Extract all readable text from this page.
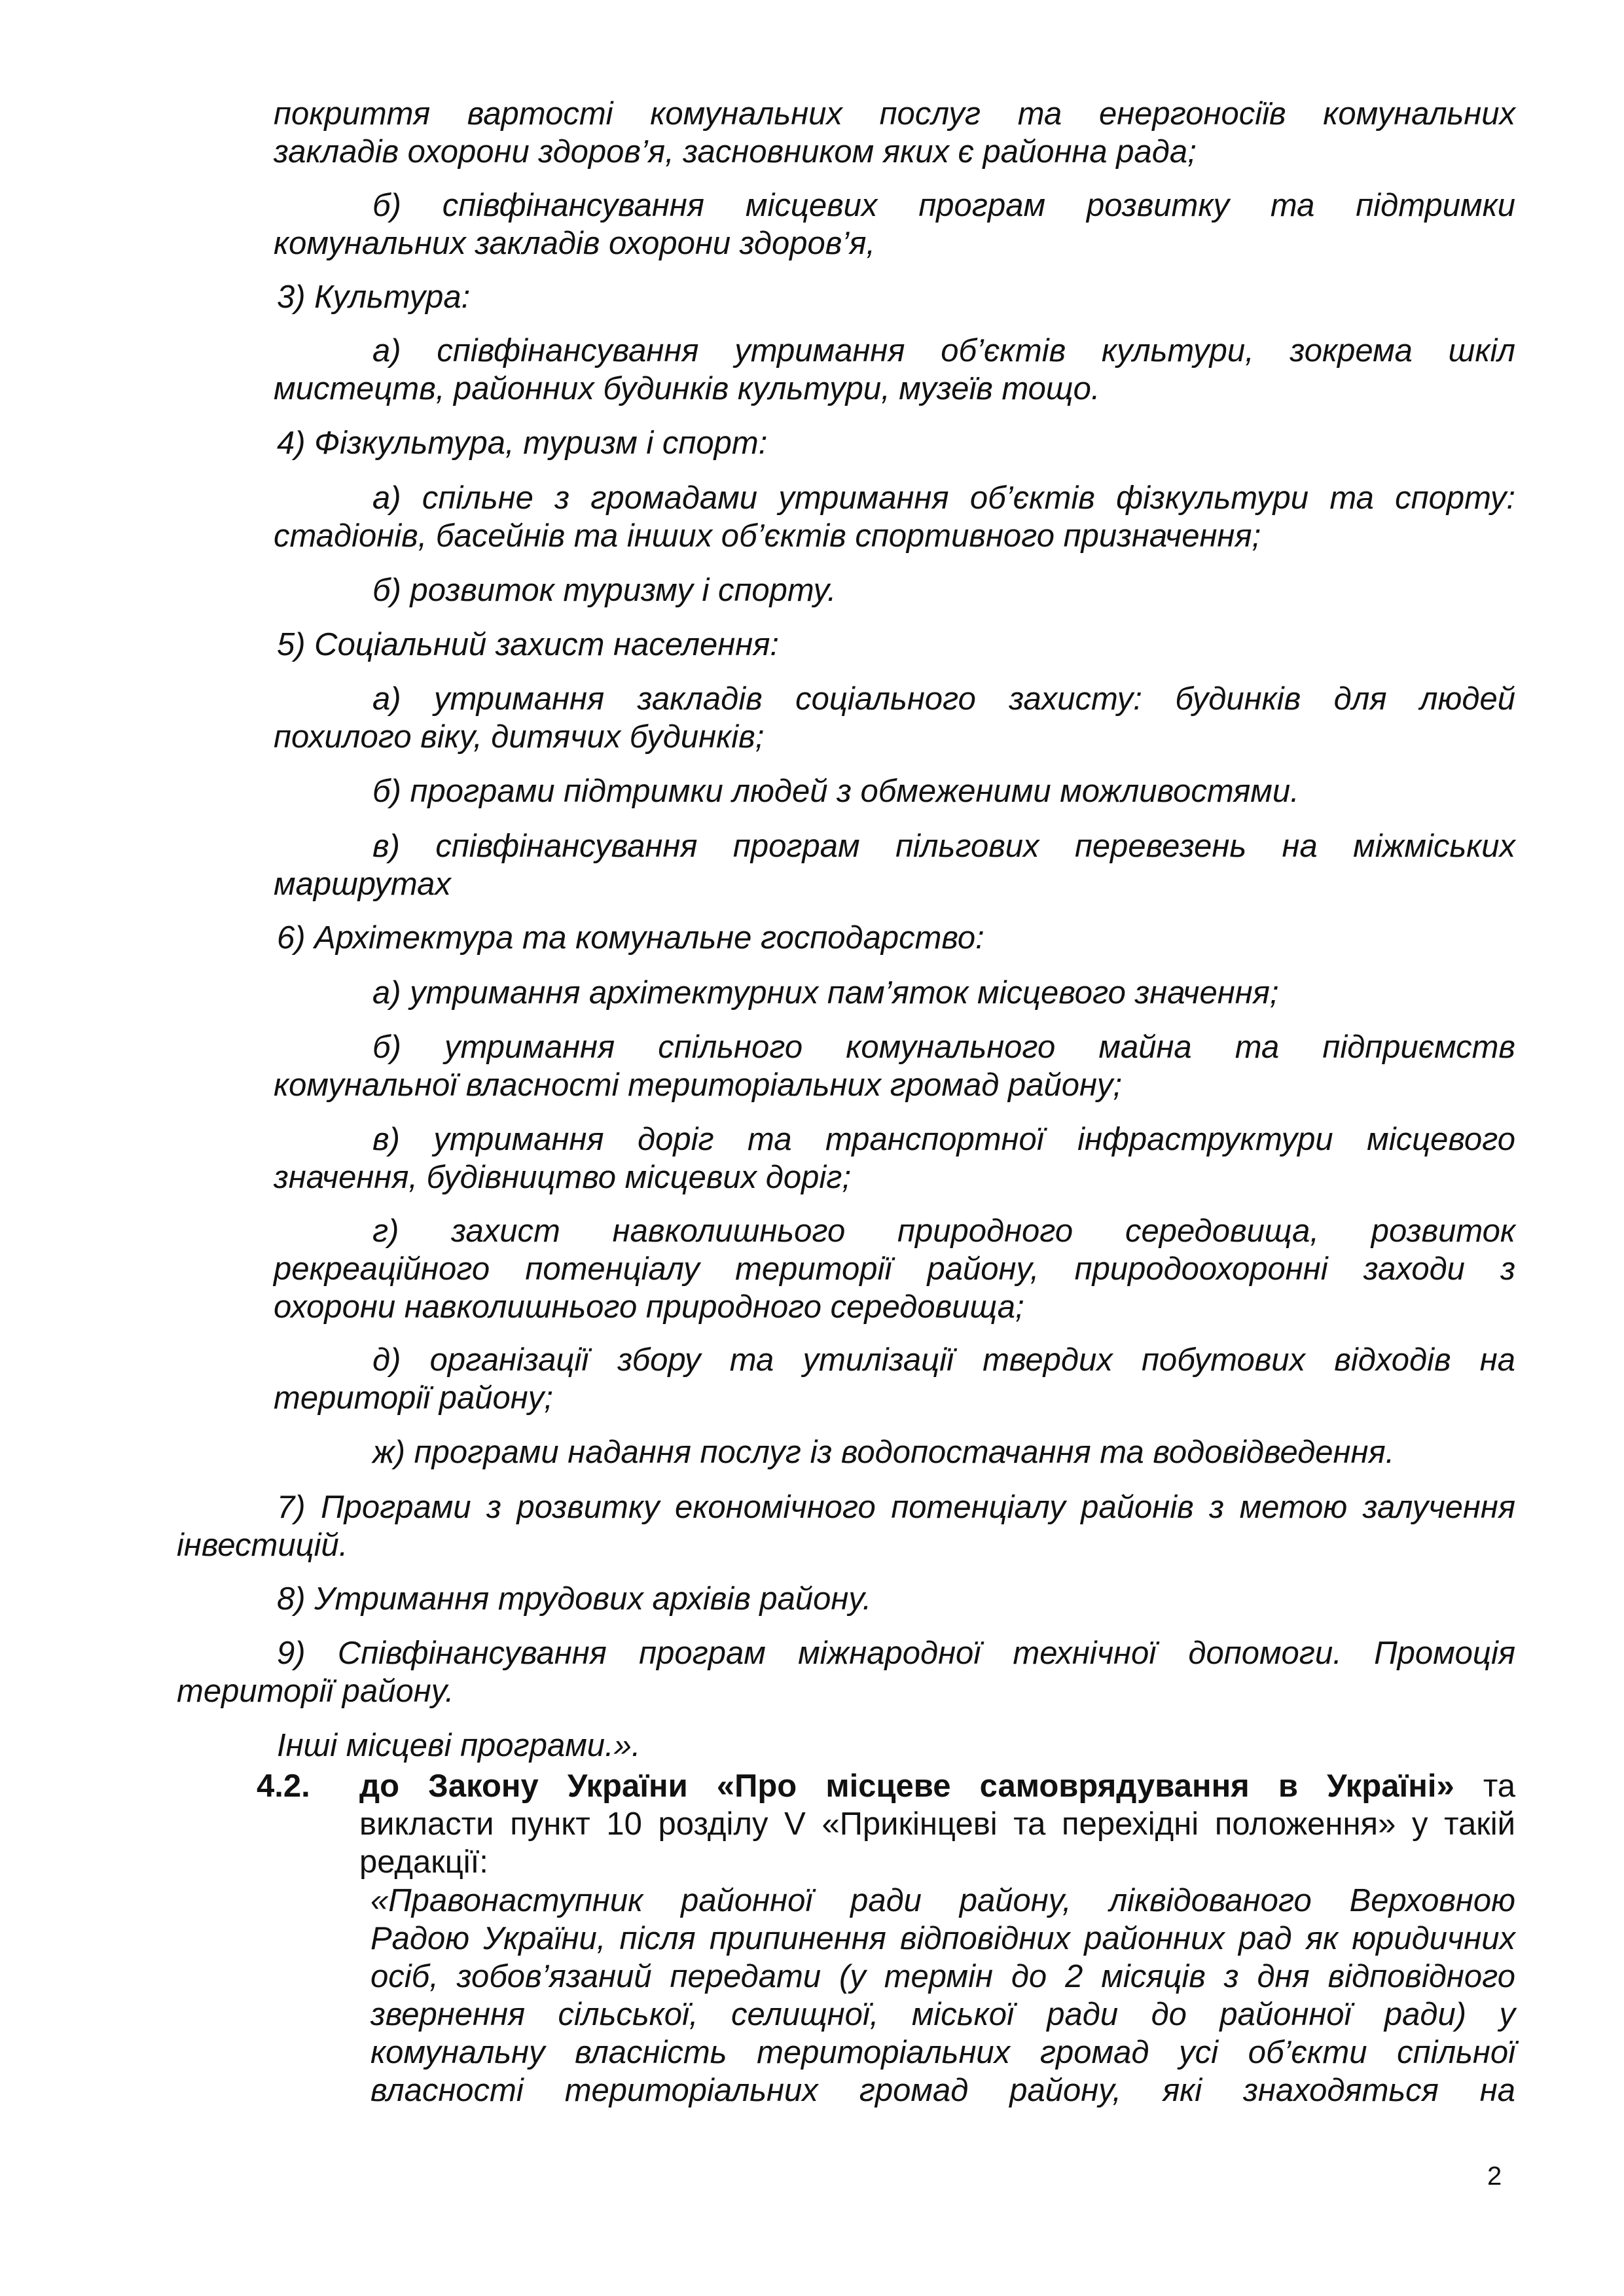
покриття вартості комунальних послуг та енергоносіїв комунальних
закладів охорони здоров’я, засновником яких є районна рада;
б) співфінансування місцевих програм розвитку та підтримки
комунальних закладів охорони здоров’я,
3) Культура:
а) співфінансування утримання об’єктів культури, зокрема шкіл
мистецтв, районних будинків культури, музеїв тощо.
4) Фізкультура, туризм і спорт:
а) спільне з громадами утримання об’єктів фізкультури та спорту:
стадіонів, басейнів та інших об’єктів спортивного призначення;
б) розвиток туризму і спорту.
5) Соціальний захист населення:
а) утримання закладів соціального захисту: будинків для людей
похилого віку, дитячих будинків;
б) програми підтримки людей з обмеженими можливостями.
в) співфінансування програм пільгових перевезень на міжміських
маршрутах
6) Архітектура та комунальне господарство:
а) утримання архітектурних пам’яток місцевого значення;
б) утримання спільного комунального майна та підприємств
комунальної власності територіальних громад району;
в) утримання доріг та транспортної інфраструктури місцевого
значення, будівництво місцевих доріг;
г) захист навколишнього природного середовища, розвиток
рекреаційного потенціалу території району, природоохоронні заходи з
охорони навколишнього природного середовища;
д) організації збору та утилізації твердих побутових відходів на
території району;
ж) програми надання послуг із водопостачання та водовідведення.
7) Програми з розвитку економічного потенціалу районів з метою залучення
інвестицій.
8) Утримання трудових архівів району.
9) Співфінансування програм міжнародної технічної допомоги. Промоція
території району.
Інші місцеві програми.».
4.2. до Закону України «Про місцеве самоврядування в Україні» та
викласти пункт 10 розділу V «Прикінцеві та перехідні положення» у такій
редакції:
«Правонаступник районної ради району, ліквідованого Верховною
Радою України, після припинення відповідних районних рад як юридичних
осіб, зобов’язаний передати (у термін до 2 місяців з дня відповідного
звернення сільської, селищної, міської ради до районної ради) у
комунальну власність територіальних громад усі об’єкти спільної
власності територіальних громад району, які знаходяться на
2
